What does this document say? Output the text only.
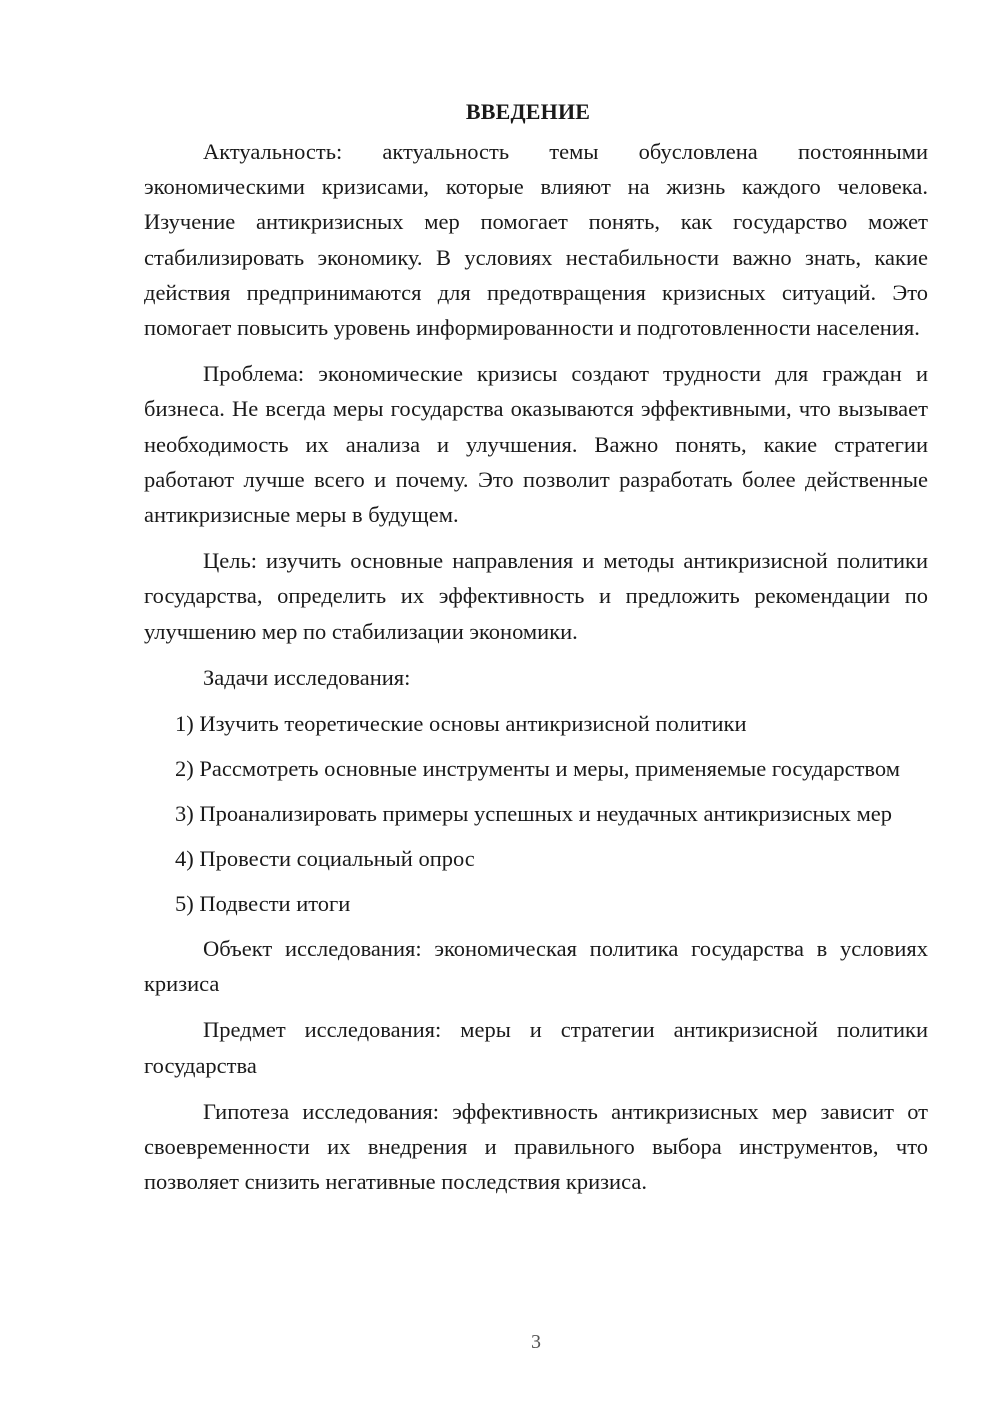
ВВЕДЕНИЕ

Актуальность: актуальность темы обусловлена постоянными экономическими кризисами, которые влияют на жизнь каждого человека. Изучение антикризисных мер помогает понять, как государство может стабилизировать экономику. В условиях нестабильности важно знать, какие действия предпринимаются для предотвращения кризисных ситуаций. Это помогает повысить уровень информированности и подготовленности населения.

Проблема: экономические кризисы создают трудности для граждан и бизнеса. Не всегда меры государства оказываются эффективными, что вызывает необходимость их анализа и улучшения. Важно понять, какие стратегии работают лучше всего и почему. Это позволит разработать более действенные антикризисные меры в будущем.

Цель: изучить основные направления и методы антикризисной политики государства, определить их эффективность и предложить рекомендации по улучшению мер по стабилизации экономики.

Задачи исследования:

1) Изучить теоретические основы антикризисной политики

2) Рассмотреть основные инструменты и меры, применяемые государством

3) Проанализировать примеры успешных и неудачных антикризисных мер

4) Провести социальный опрос

5) Подвести итоги

Объект исследования: экономическая политика государства в условиях кризиса

Предмет исследования: меры и стратегии антикризисной политики государства

Гипотеза исследования: эффективность антикризисных мер зависит от своевременности их внедрения и правильного выбора инструментов, что позволяет снизить негативные последствия кризиса.

3
